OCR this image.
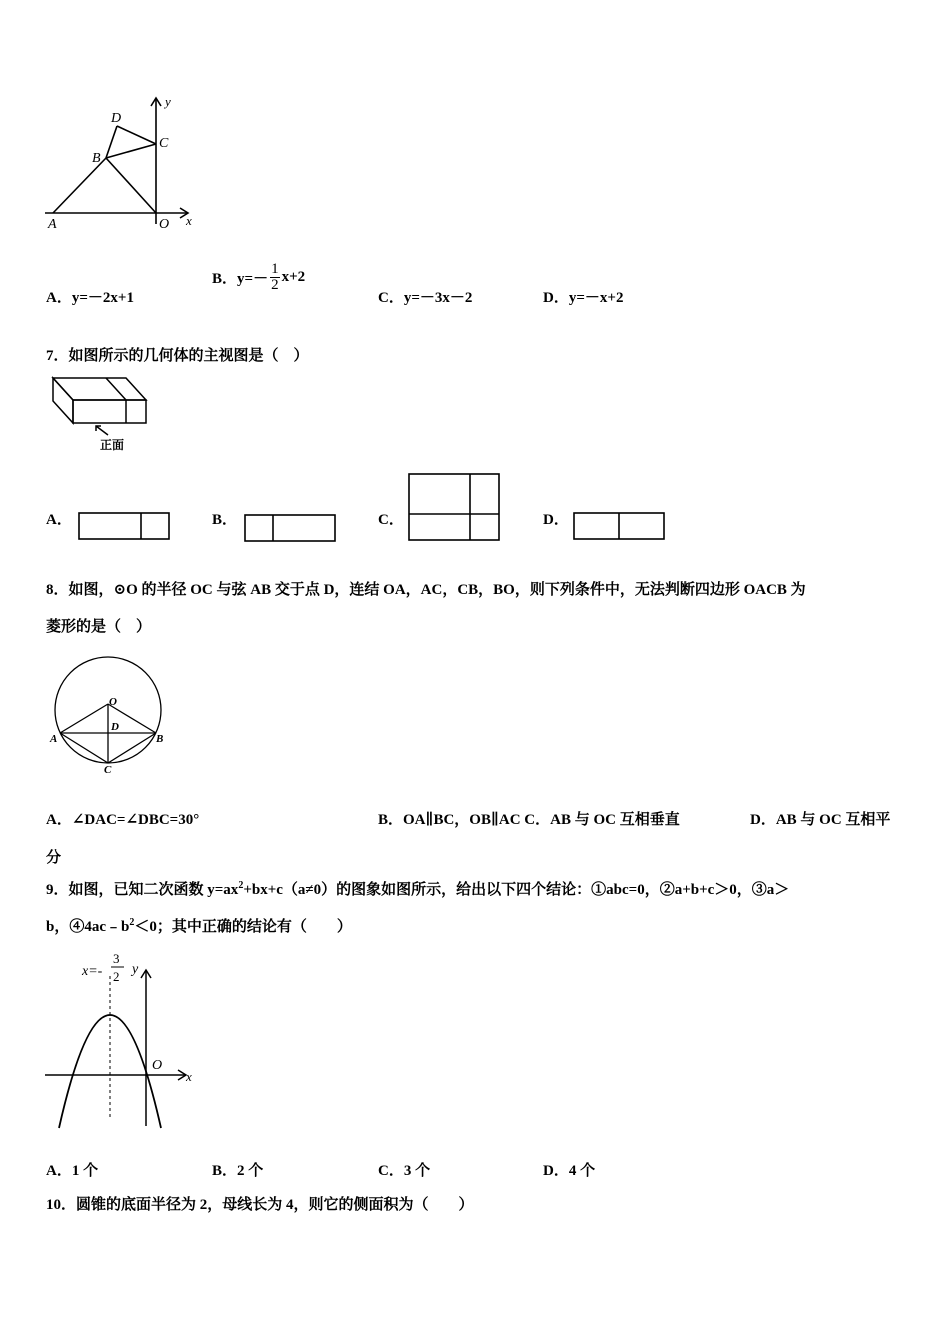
D
C
B
A	O x
y
A．y=－2x+1
B．$y=- \frac{1}{2} x+2$
C．y=－3x－2	D．y=－x+2
7．如图所示的几何体的主视图是（　）
正面
A．	B．	C．	D．
8．如图，⊙O 的半径 OC 与弦 AB 交于点 D，连结 OA，AC，CB，BO，则下列条件中，无法判断四边形 OACB 为
菱形的是（　）
O
D
A	B
C
A．∠DAC=∠DBC=30°	B．OA∥BC，OB∥AC C．AB 与 OC 互相垂直	D．AB 与 OC 互相平
分
9．如图，已知二次函数 $y=ax^2+bx+c(a\ne 0)$的图象如图所示，给出以下四个结论：①abc=0，②a+b+c＞0，③a＞
b，$④4ac﹣b^2<0$；其中正确的结论有（　　）
x=-
3
2 y
O
x
A．1 个	B．2 个	C．3 个	D．4 个
10．圆锥的底面半径为 2，母线长为 4，则它的侧面积为（　　）
